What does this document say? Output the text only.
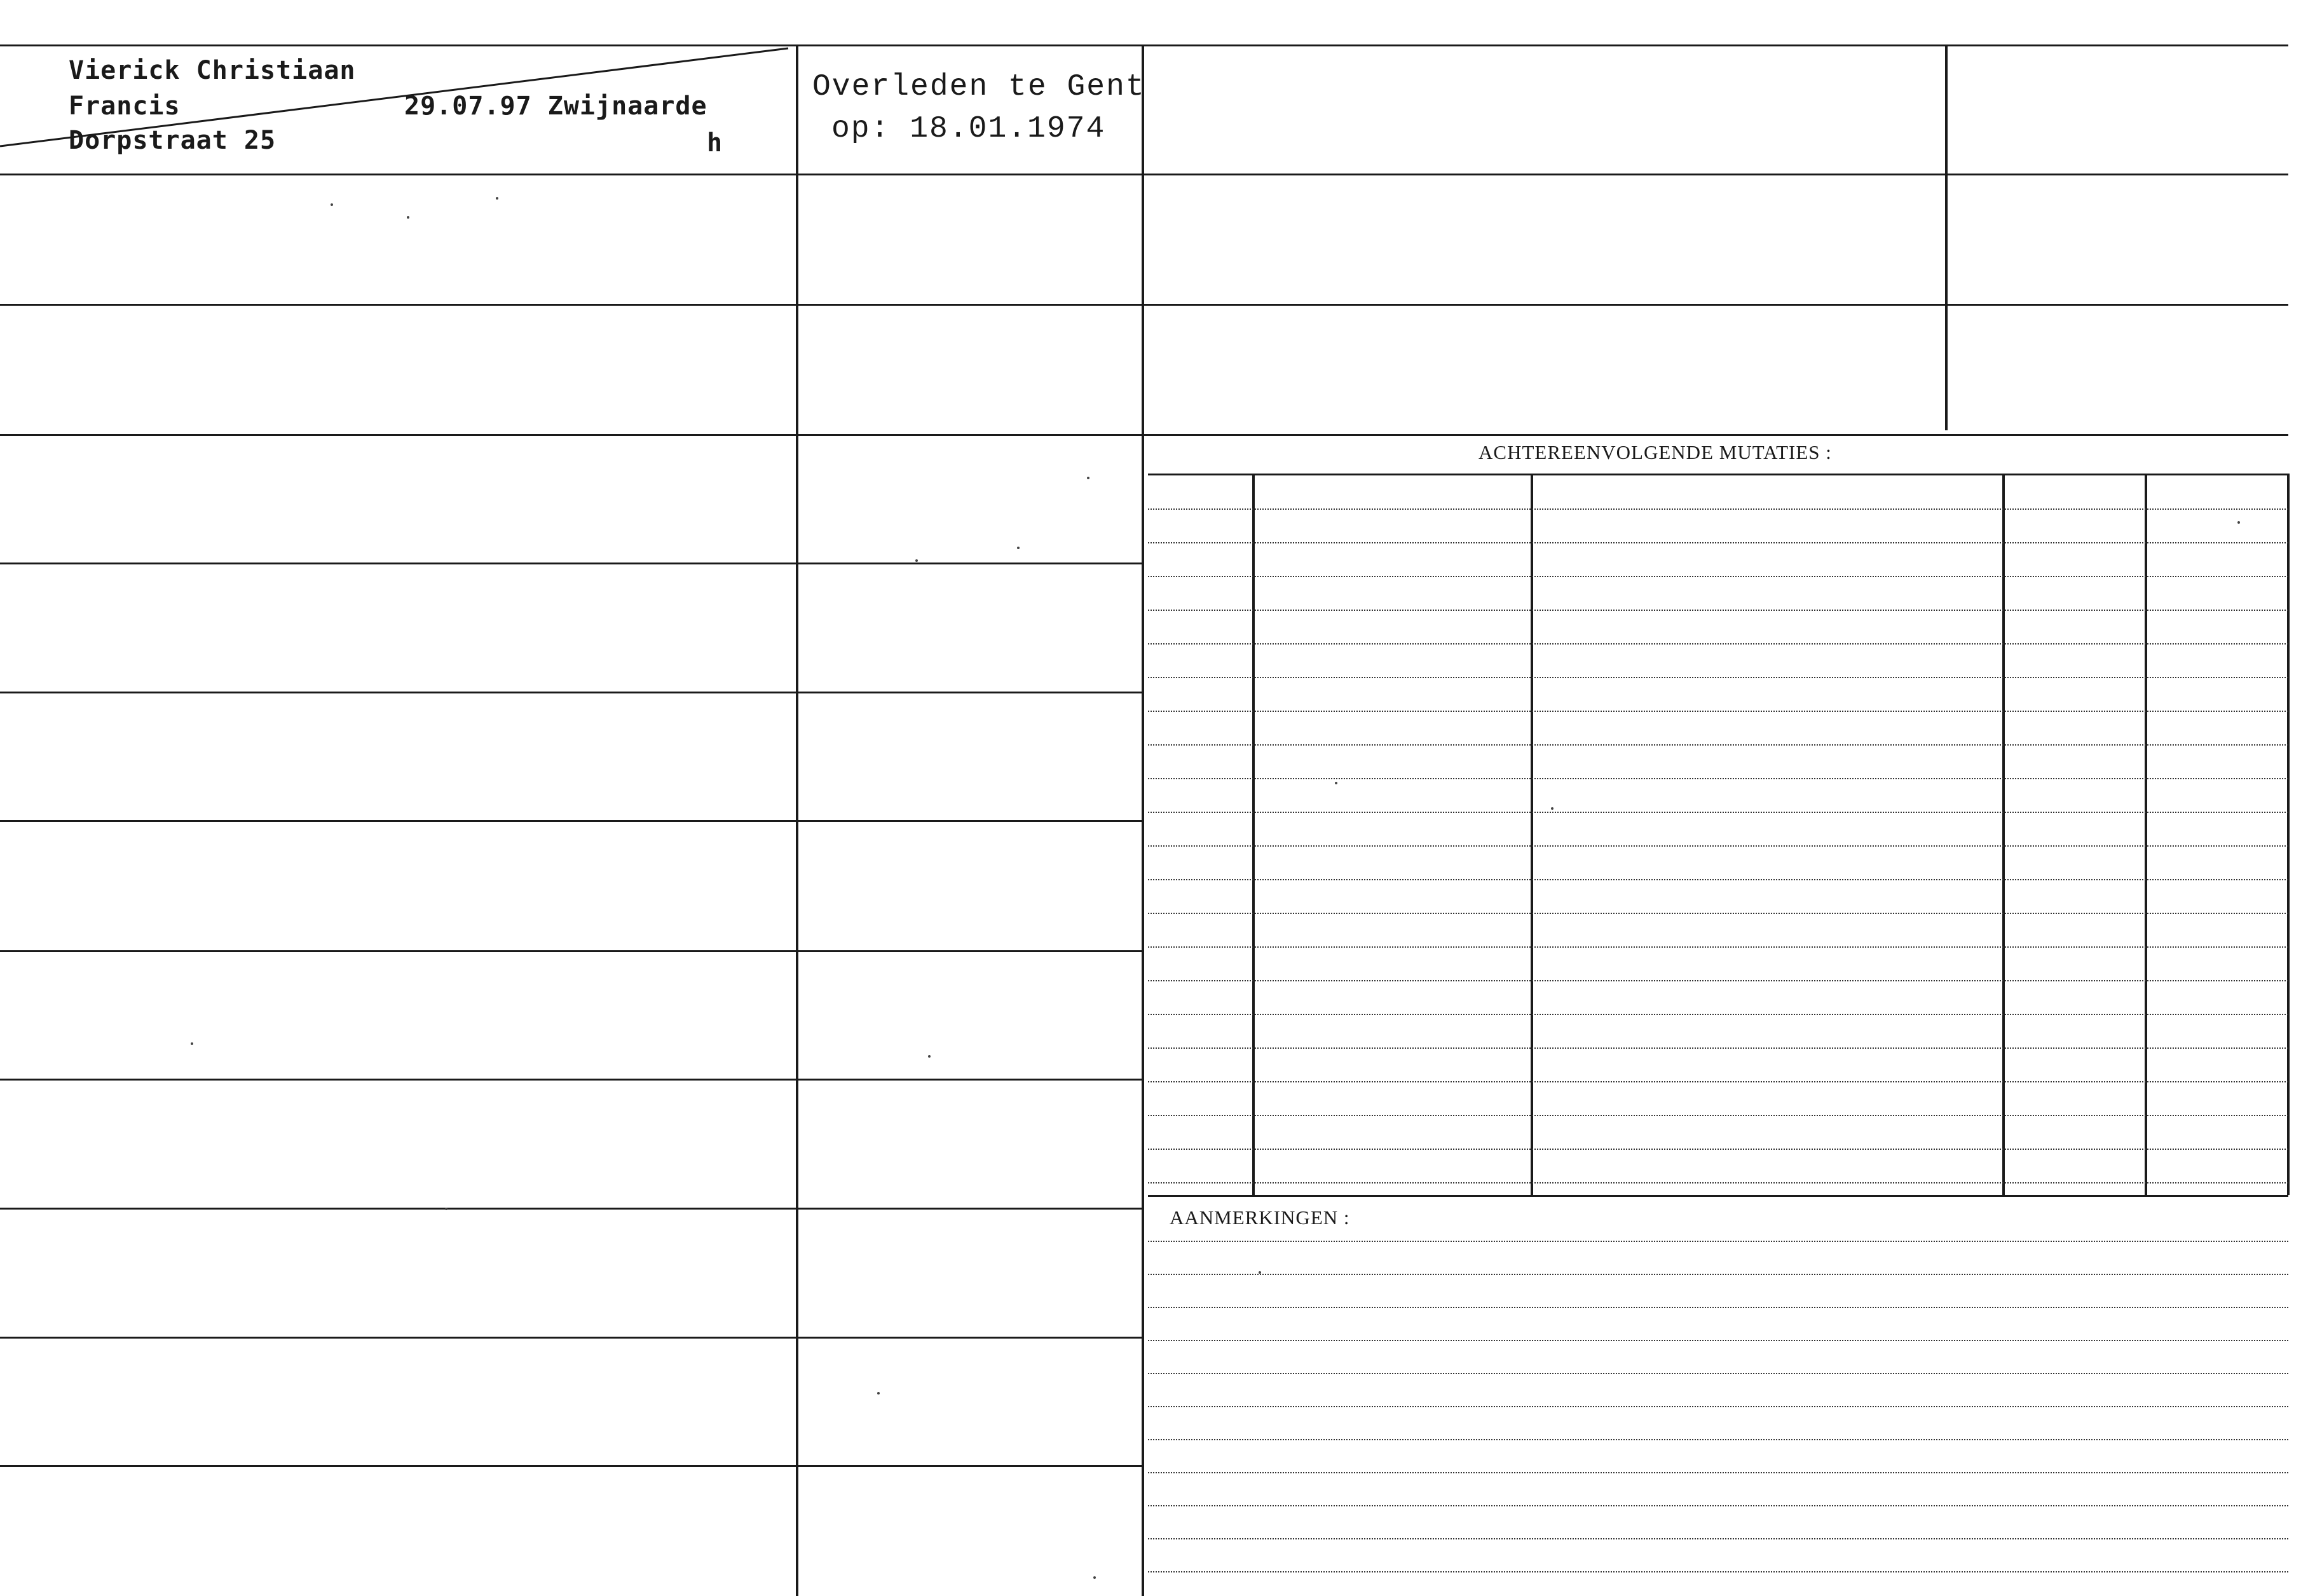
Vierick Christiaan
Francis
Dorpstraat 25
29.07.97 Zwijnaarde
h
Overleden te Gent
op: 18.01.1974
ACHTEREENVOLGENDE MUTATIES :
AANMERKINGEN :
